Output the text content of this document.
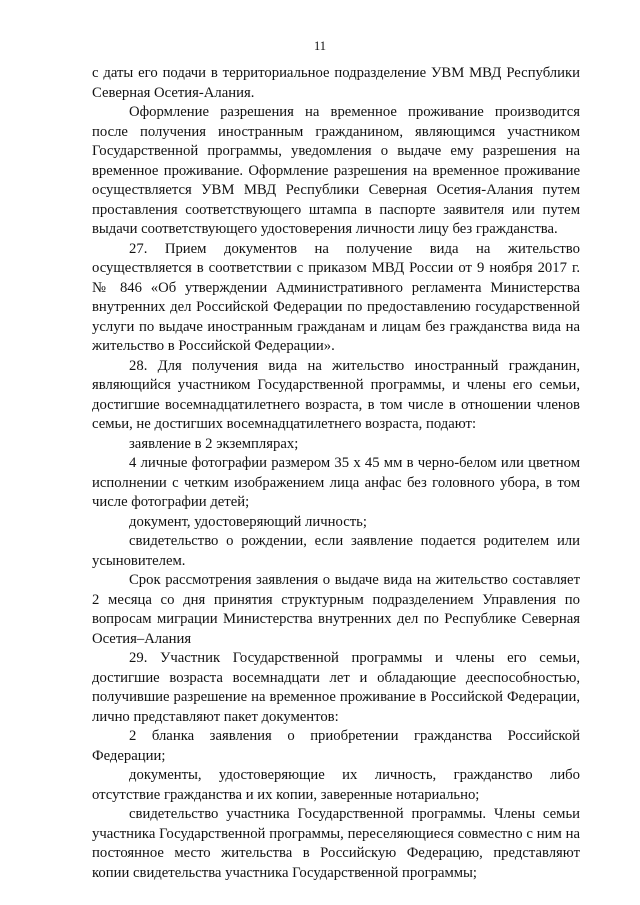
11

с даты его подачи в территориальное подразделение УВМ МВД Республики Северная Осетия-Алания.

Оформление разрешения на временное проживание производится после получения иностранным гражданином, являющимся участником Государственной программы, уведомления о выдаче ему разрешения на временное проживание. Оформление разрешения на временное проживание осуществляется УВМ МВД Республики Северная Осетия-Алания путем проставления соответствующего штампа в паспорте заявителя или путем выдачи соответствующего удостоверения личности лицу без гражданства.

27. Прием документов на получение вида на жительство осуществляется в соответствии с приказом МВД России от 9 ноября 2017 г. № 846 «Об утверждении Административного регламента Министерства внутренних дел Российской Федерации по предоставлению государственной услуги по выдаче иностранным гражданам и лицам без гражданства вида на жительство в Российской Федерации».

28. Для получения вида на жительство иностранный гражданин, являющийся участником Государственной программы, и члены его семьи, достигшие восемнадцатилетнего возраста, в том числе в отношении членов семьи, не достигших восемнадцатилетнего возраста, подают:

заявление в 2 экземплярах;

4 личные фотографии размером 35 x 45 мм в черно-белом или цветном исполнении с четким изображением лица анфас без головного убора, в том числе фотографии детей;

документ, удостоверяющий личность;

свидетельство о рождении, если заявление подается родителем или усыновителем.

Срок рассмотрения заявления о выдаче вида на жительство составляет 2 месяца со дня принятия структурным подразделением Управления по вопросам миграции Министерства внутренних дел по Республике Северная Осетия–Алания

29. Участник Государственной программы и члены его семьи, достигшие возраста восемнадцати лет и обладающие дееспособностью, получившие разрешение на временное проживание в Российской Федерации, лично представляют пакет документов:

2 бланка заявления о приобретении гражданства Российской Федерации;

документы, удостоверяющие их личность, гражданство либо отсутствие гражданства и их копии, заверенные нотариально;

свидетельство участника Государственной программы. Члены семьи участника Государственной программы, переселяющиеся совместно с ним на постоянное место жительства в Российскую Федерацию, представляют копии свидетельства участника Государственной программы;
